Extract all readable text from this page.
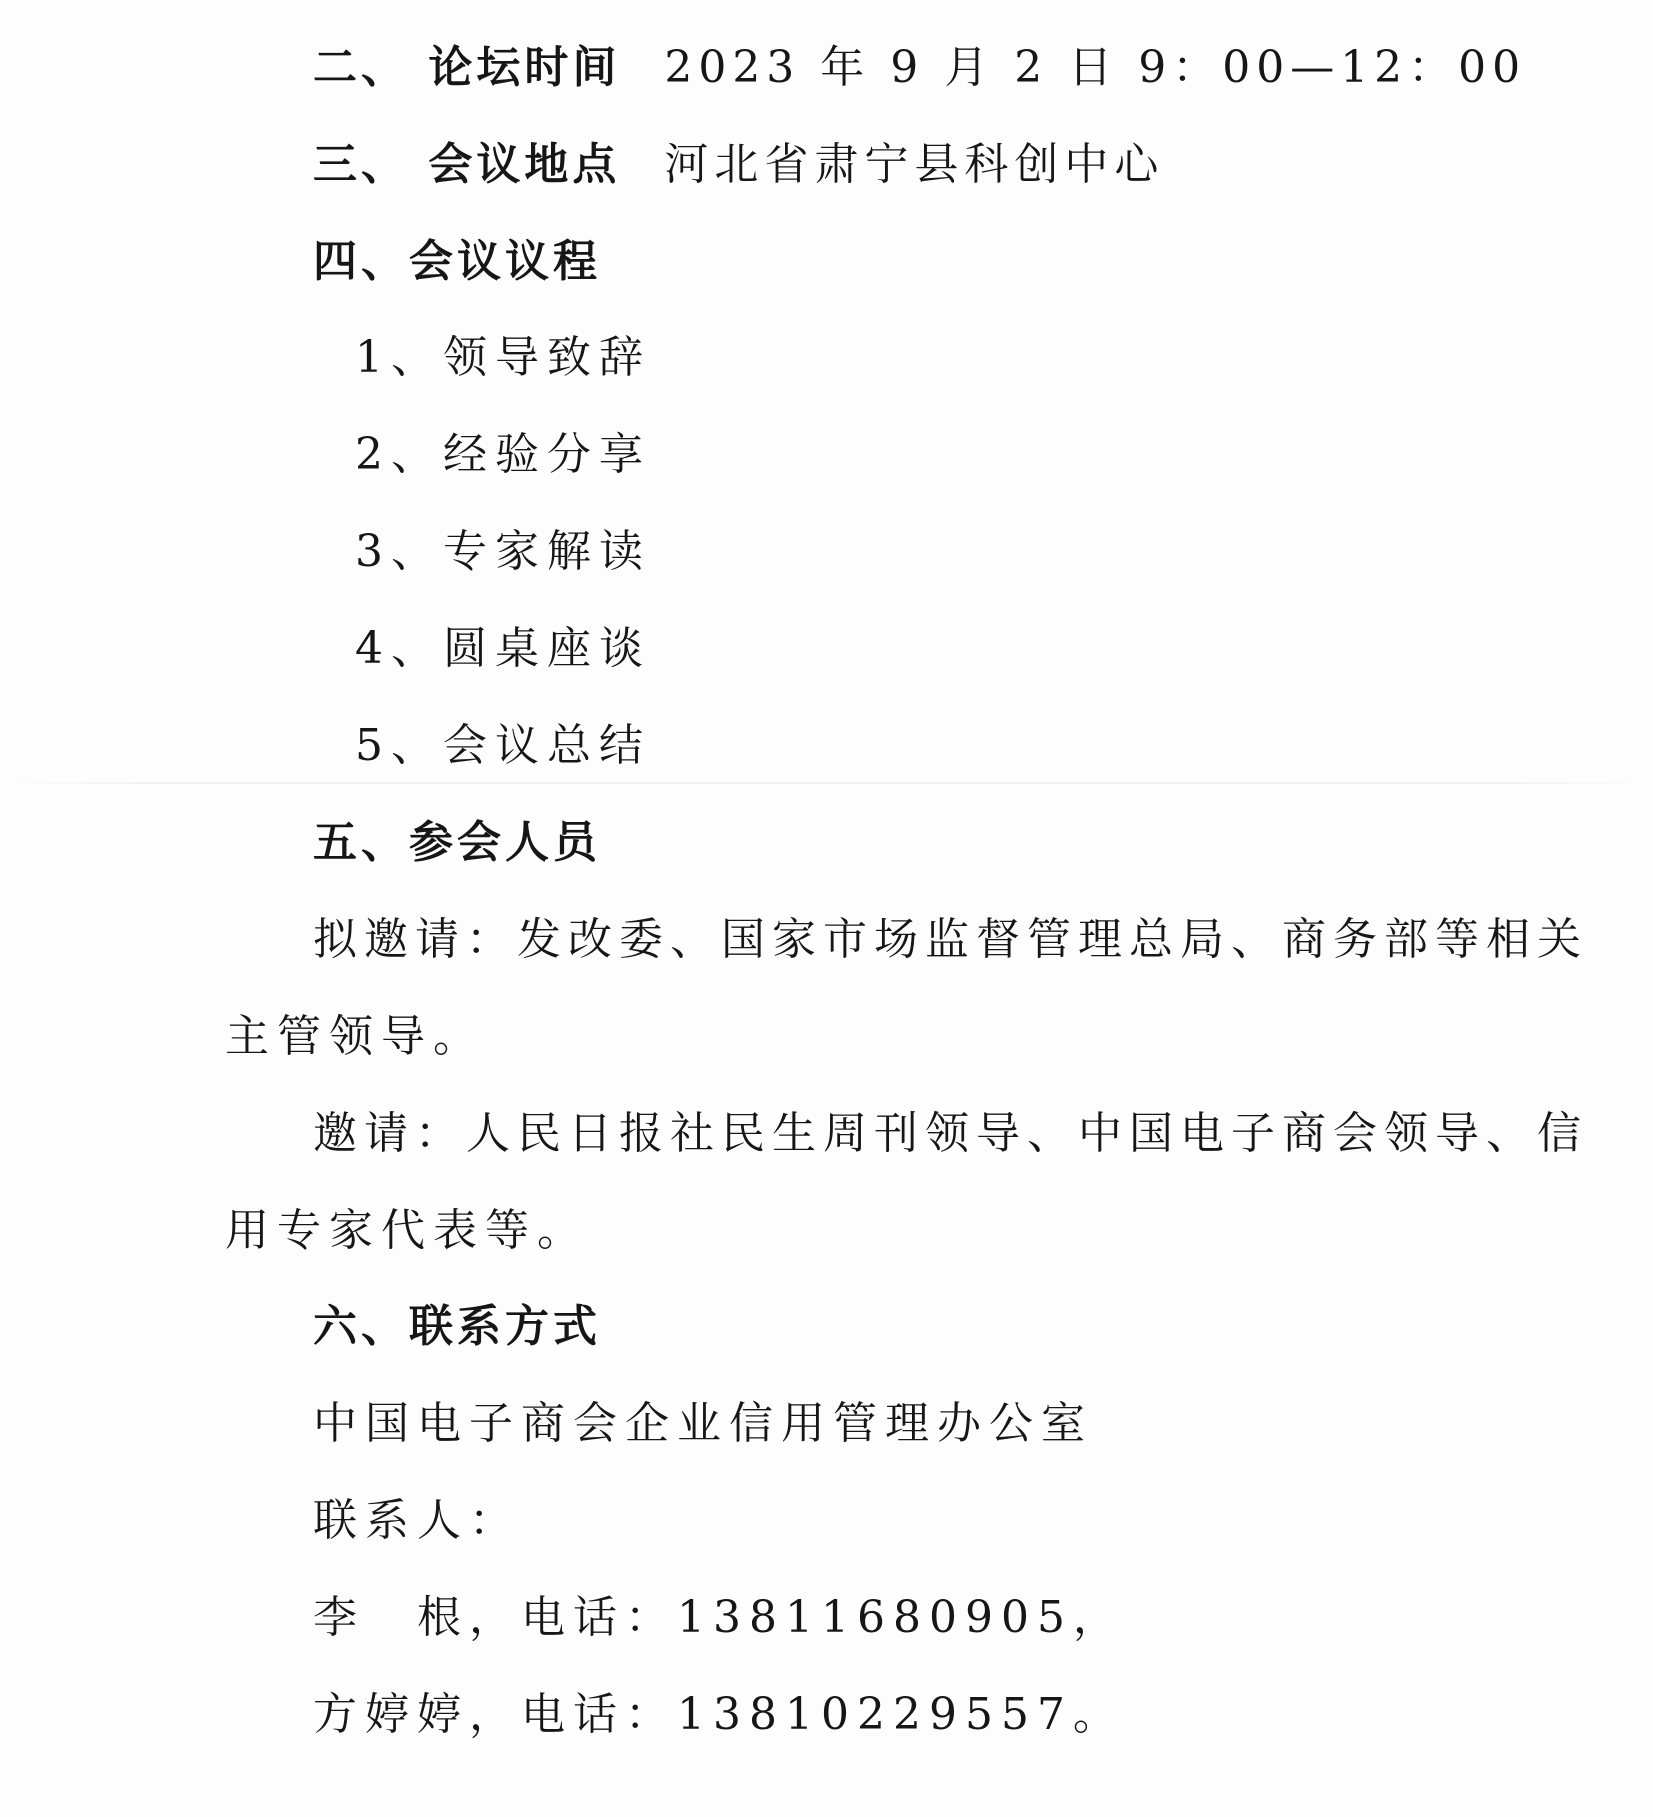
二、 论坛时间 2023 年 9 月 2 日 9：00—12：00
三、 会议地点 河北省肃宁县科创中心
四、会议议程
1、领导致辞
2、经验分享
3、专家解读
4、圆桌座谈
5、会议总结
五、参会人员
拟邀请：发改委、国家市场监督管理总局、商务部等相关
主管领导。
邀请：人民日报社民生周刊领导、中国电子商会领导、信
用专家代表等。
六、联系方式
中国电子商会企业信用管理办公室
联系人：
李　根，电话：13811680905，
方婷婷，电话：13810229557。
